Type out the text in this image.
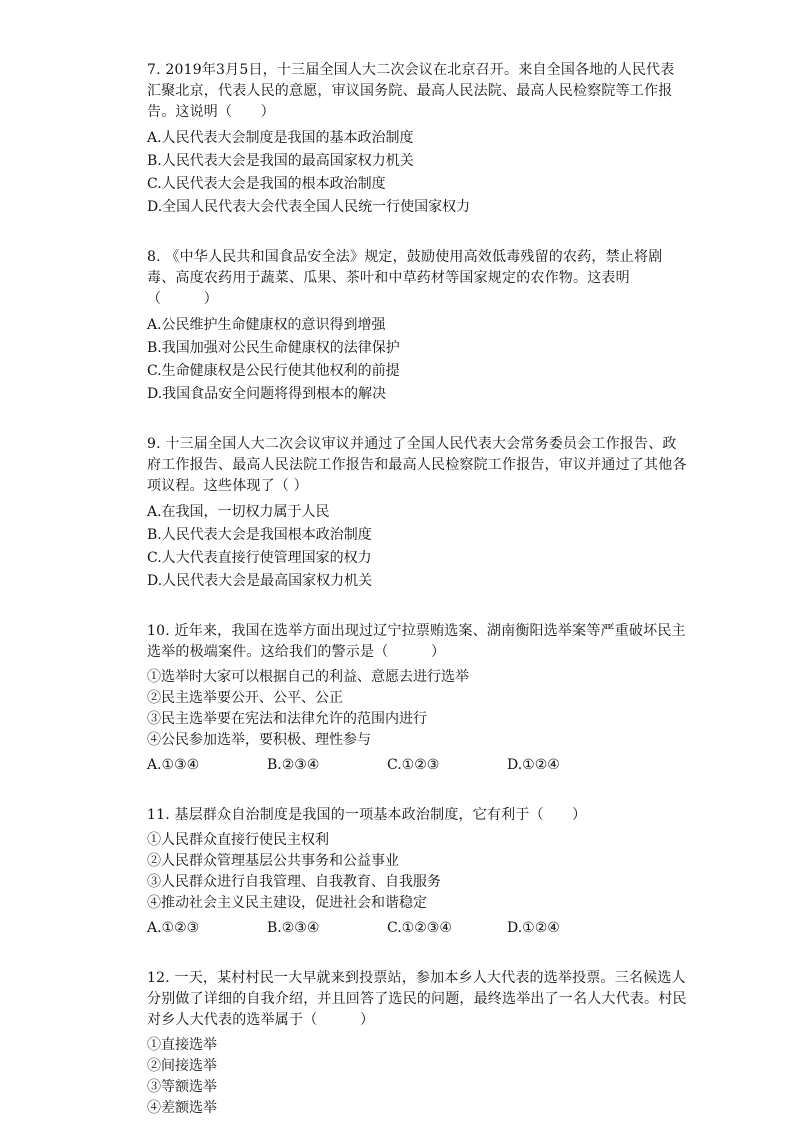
7. 2019年3月5日，十三届全国人大二次会议在北京召开。来自全国各地的人民代表汇聚北京，代表人民的意愿，审议国务院、最高人民法院、最高人民检察院等工作报告。这说明（　　）

A.人民代表大会制度是我国的基本政治制度

B.人民代表大会是我国的最高国家权力机关

C.人民代表大会是我国的根本政治制度

D.全国人民代表大会代表全国人民统一行使国家权力

8. 《中华人民共和国食品安全法》规定，鼓励使用高效低毒残留的农药，禁止将剧毒、高度农药用于蔬菜、瓜果、茶叶和中草药材等国家规定的农作物。这表明（　　　）

A.公民维护生命健康权的意识得到增强

B.我国加强对公民生命健康权的法律保护

C.生命健康权是公民行使其他权利的前提

D.我国食品安全问题将得到根本的解决

9. 十三届全国人大二次会议审议并通过了全国人民代表大会常务委员会工作报告、政府工作报告、最高人民法院工作报告和最高人民检察院工作报告，审议并通过了其他各项议程。这些体现了（ ）

A.在我国，一切权力属于人民

B.人民代表大会是我国根本政治制度

C.人大代表直接行使管理国家的权力

D.人民代表大会是最高国家权力机关

10. 近年来，我国在选举方面出现过辽宁拉票贿选案、湖南衡阳选举案等严重破坏民主选举的极端案件。这给我们的警示是（　　　）

①选举时大家可以根据自己的利益、意愿去进行选举

②民主选举要公开、公平、公正

③民主选举要在宪法和法律允许的范围内进行

④公民参加选举，要积极、理性参与

A.①③④	B.②③④	C.①②③	D.①②④

11. 基层群众自治制度是我国的一项基本政治制度，它有利于（　　）

①人民群众直接行使民主权利

②人民群众管理基层公共事务和公益事业

③人民群众进行自我管理、自我教育、自我服务

④推动社会主义民主建设，促进社会和谐稳定

A.①②③	B.②③④	C.①②③④	D.①②④

12. 一天，某村村民一大早就来到投票站，参加本乡人大代表的选举投票。三名候选人分别做了详细的自我介绍，并且回答了选民的问题，最终选举出了一名人大代表。村民对乡人大代表的选举属于（　　　）

①直接选举

②间接选举

③等额选举

④差额选举
